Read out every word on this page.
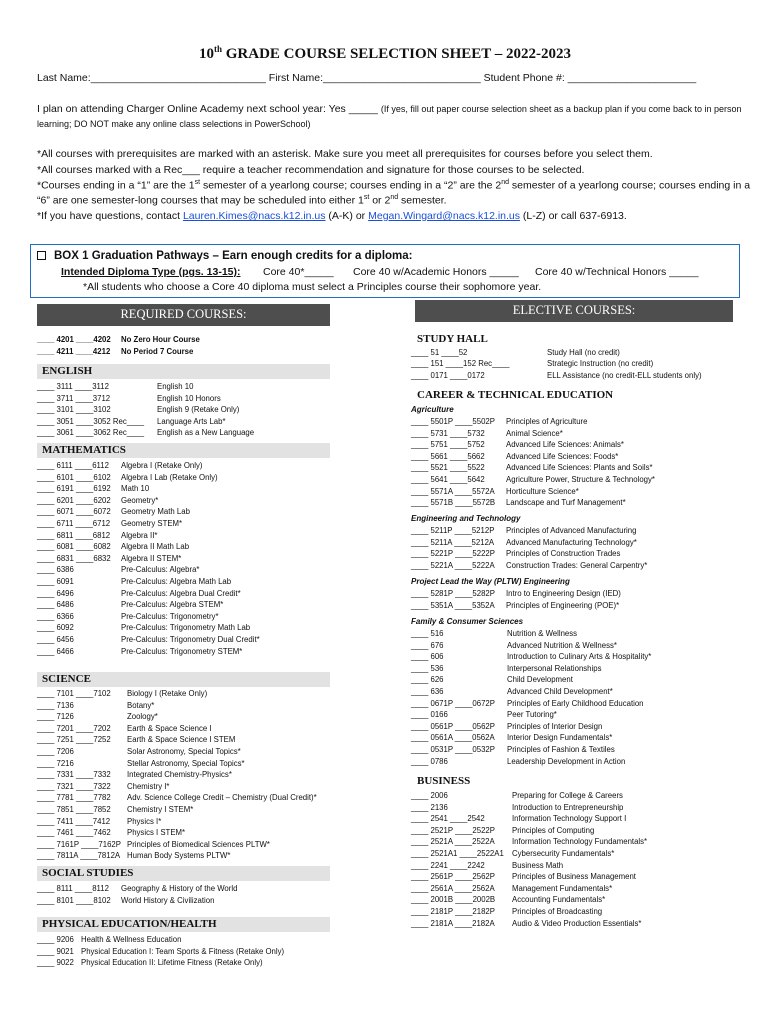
10th GRADE COURSE SELECTION SHEET – 2022-2023
Last Name:______________________________ First Name:___________________________ Student Phone #: ______________________
I plan on attending Charger Online Academy next school year: Yes _____ (If yes, fill out paper course selection sheet as a backup plan if you come back to in person
learning; DO NOT make any online class selections in PowerSchool)
*All courses with prerequisites are marked with an asterisk. Make sure you meet all prerequisites for courses before you select them.
*All courses marked with a Rec___ require a teacher recommendation and signature for those courses to be selected.
*Courses ending in a “1” are the 1st semester of a yearlong course; courses ending in a “2” are the 2nd semester of a yearlong course; courses ending in a
“6” are one semester-long courses that may be scheduled into either 1st or 2nd semester.
*If you have questions, contact Lauren.Kimes@nacs.k12.in.us (A-K) or Megan.Wingard@nacs.k12.in.us (L-Z) or call 637-6913.
BOX 1 Graduation Pathways – Earn enough credits for a diploma:
Intended Diploma Type (pgs. 13-15): Core 40*_____ Core 40 w/Academic Honors _____ Core 40 w/Technical Honors _____
*All students who choose a Core 40 diploma must select a Principles course their sophomore year.
REQUIRED COURSES:	ELECTIVE COURSES:
____ 4201 ____4202 No Zero Hour Course
____ 4211 ____4212 No Period 7 Course
ENGLISH
____ 3111 ____3112	English 10
____ 3711 ____3712	English 10 Honors
____ 3101 ____3102	English 9 (Retake Only)
____ 3051 ____3052 Rec____ Language Arts Lab*
____ 3061 ____3062 Rec____ English as a New Language
MATHEMATICS
____ 6111 ____6112 Algebra I (Retake Only)
____ 6101 ____6102 Algebra I Lab (Retake Only)
____ 6191 ____6192 Math 10
____ 6201 ____6202 Geometry*
____ 6071 ____6072 Geometry Math Lab
____ 6711 ____6712 Geometry STEM*
____ 6811 ____6812 Algebra II*
____ 6081 ____6082 Algebra II Math Lab
____ 6831 ____6832 Algebra II STEM*
____ 6386	Pre-Calculus: Algebra*
____ 6091	Pre-Calculus: Algebra Math Lab
____ 6496	Pre-Calculus: Algebra Dual Credit*
____ 6486	Pre-Calculus: Algebra STEM*
____ 6366	Pre-Calculus: Trigonometry*
____ 6092	Pre-Calculus: Trigonometry Math Lab
____ 6456	Pre-Calculus: Trigonometry Dual Credit*
____ 6466	Pre-Calculus: Trigonometry STEM*
SCIENCE
____ 7101 ____7102 Biology I (Retake Only)
____ 7136	Botany*
____ 7126	Zoology*
____ 7201 ____7202 Earth & Space Science I
____ 7251 ____7252 Earth & Space Science I STEM
____ 7206	Solar Astronomy, Special Topics*
____ 7216	Stellar Astronomy, Special Topics*
____ 7331 ____7332 Integrated Chemistry-Physics*
____ 7321 ____7322 Chemistry I*
____ 7781 ____7782 Adv. Science College Credit – Chemistry (Dual Credit)*
____ 7851 ____7852 Chemistry I STEM*
____ 7411 ____7412 Physics I*
____ 7461 ____7462 Physics I STEM*
____ 7161P ____7162P Principles of Biomedical Sciences PLTW*
____ 7811A ____7812A Human Body Systems PLTW*
SOCIAL STUDIES
____ 8111 ____8112 Geography & History of the World
____ 8101 ____8102 World History & Civilization
PHYSICAL EDUCATION/HEALTH
____ 9206 Health & Wellness Education
____ 9021 Physical Education I: Team Sports & Fitness (Retake Only)
____ 9022 Physical Education II: Lifetime Fitness (Retake Only)
STUDY HALL
____ 51 ____52	Study Hall (no credit)
____ 151 ____152 Rec____	Strategic Instruction (no credit)
____ 0171 ____0172	ELL Assistance (no credit-ELL students only)
CAREER & TECHNICAL EDUCATION
Agriculture
____ 5501P ____5502P Principles of Agriculture
____ 5731 ____5732	Animal Science*
____ 5751 ____5752	Advanced Life Sciences: Animals*
____ 5661 ____5662	Advanced Life Sciences: Foods*
____ 5521 ____5522	Advanced Life Sciences: Plants and Soils*
____ 5641 ____5642	Agriculture Power, Structure & Technology*
____ 5571A ____5572A Horticulture Science*
____ 5571B ____5572B Landscape and Turf Management*
Engineering and Technology
____ 5211P ____5212P Principles of Advanced Manufacturing
____ 5211A ____5212A Advanced Manufacturing Technology*
____ 5221P ____5222P Principles of Construction Trades
____ 5221A ____5222A Construction Trades: General Carpentry*
Project Lead the Way (PLTW) Engineering
____ 5281P ____5282P Intro to Engineering Design (IED)
____ 5351A ____5352A Principles of Engineering (POE)*
Family & Consumer Sciences
____ 516	Nutrition & Wellness
____ 676	Advanced Nutrition & Wellness*
____ 606	Introduction to Culinary Arts & Hospitality*
____ 536	Interpersonal Relationships
____ 626	Child Development
____ 636	Advanced Child Development*
____ 0671P ____0672P Principles of Early Childhood Education
____ 0166	Peer Tutoring*
____ 0561P ____0562P Principles of Interior Design
____ 0561A ____0562A Interior Design Fundamentals*
____ 0531P ____0532P Principles of Fashion & Textiles
____ 0786	Leadership Development in Action
BUSINESS
____ 2006	Preparing for College & Careers
____ 2136	Introduction to Entrepreneurship
____ 2541 ____2542	Information Technology Support I
____ 2521P ____2522P Principles of Computing
____ 2521A ____2522A Information Technology Fundamentals*
____ 2521A1 ____2522A1 Cybersecurity Fundamentals*
____ 2241 ____2242	Business Math
____ 2561P ____2562P Principles of Business Management
____ 2561A ____2562A Management Fundamentals*
____ 2001B ____2002B Accounting Fundamentals*
____ 2181P ____2182P Principles of Broadcasting
____ 2181A ____2182A Audio & Video Production Essentials*
